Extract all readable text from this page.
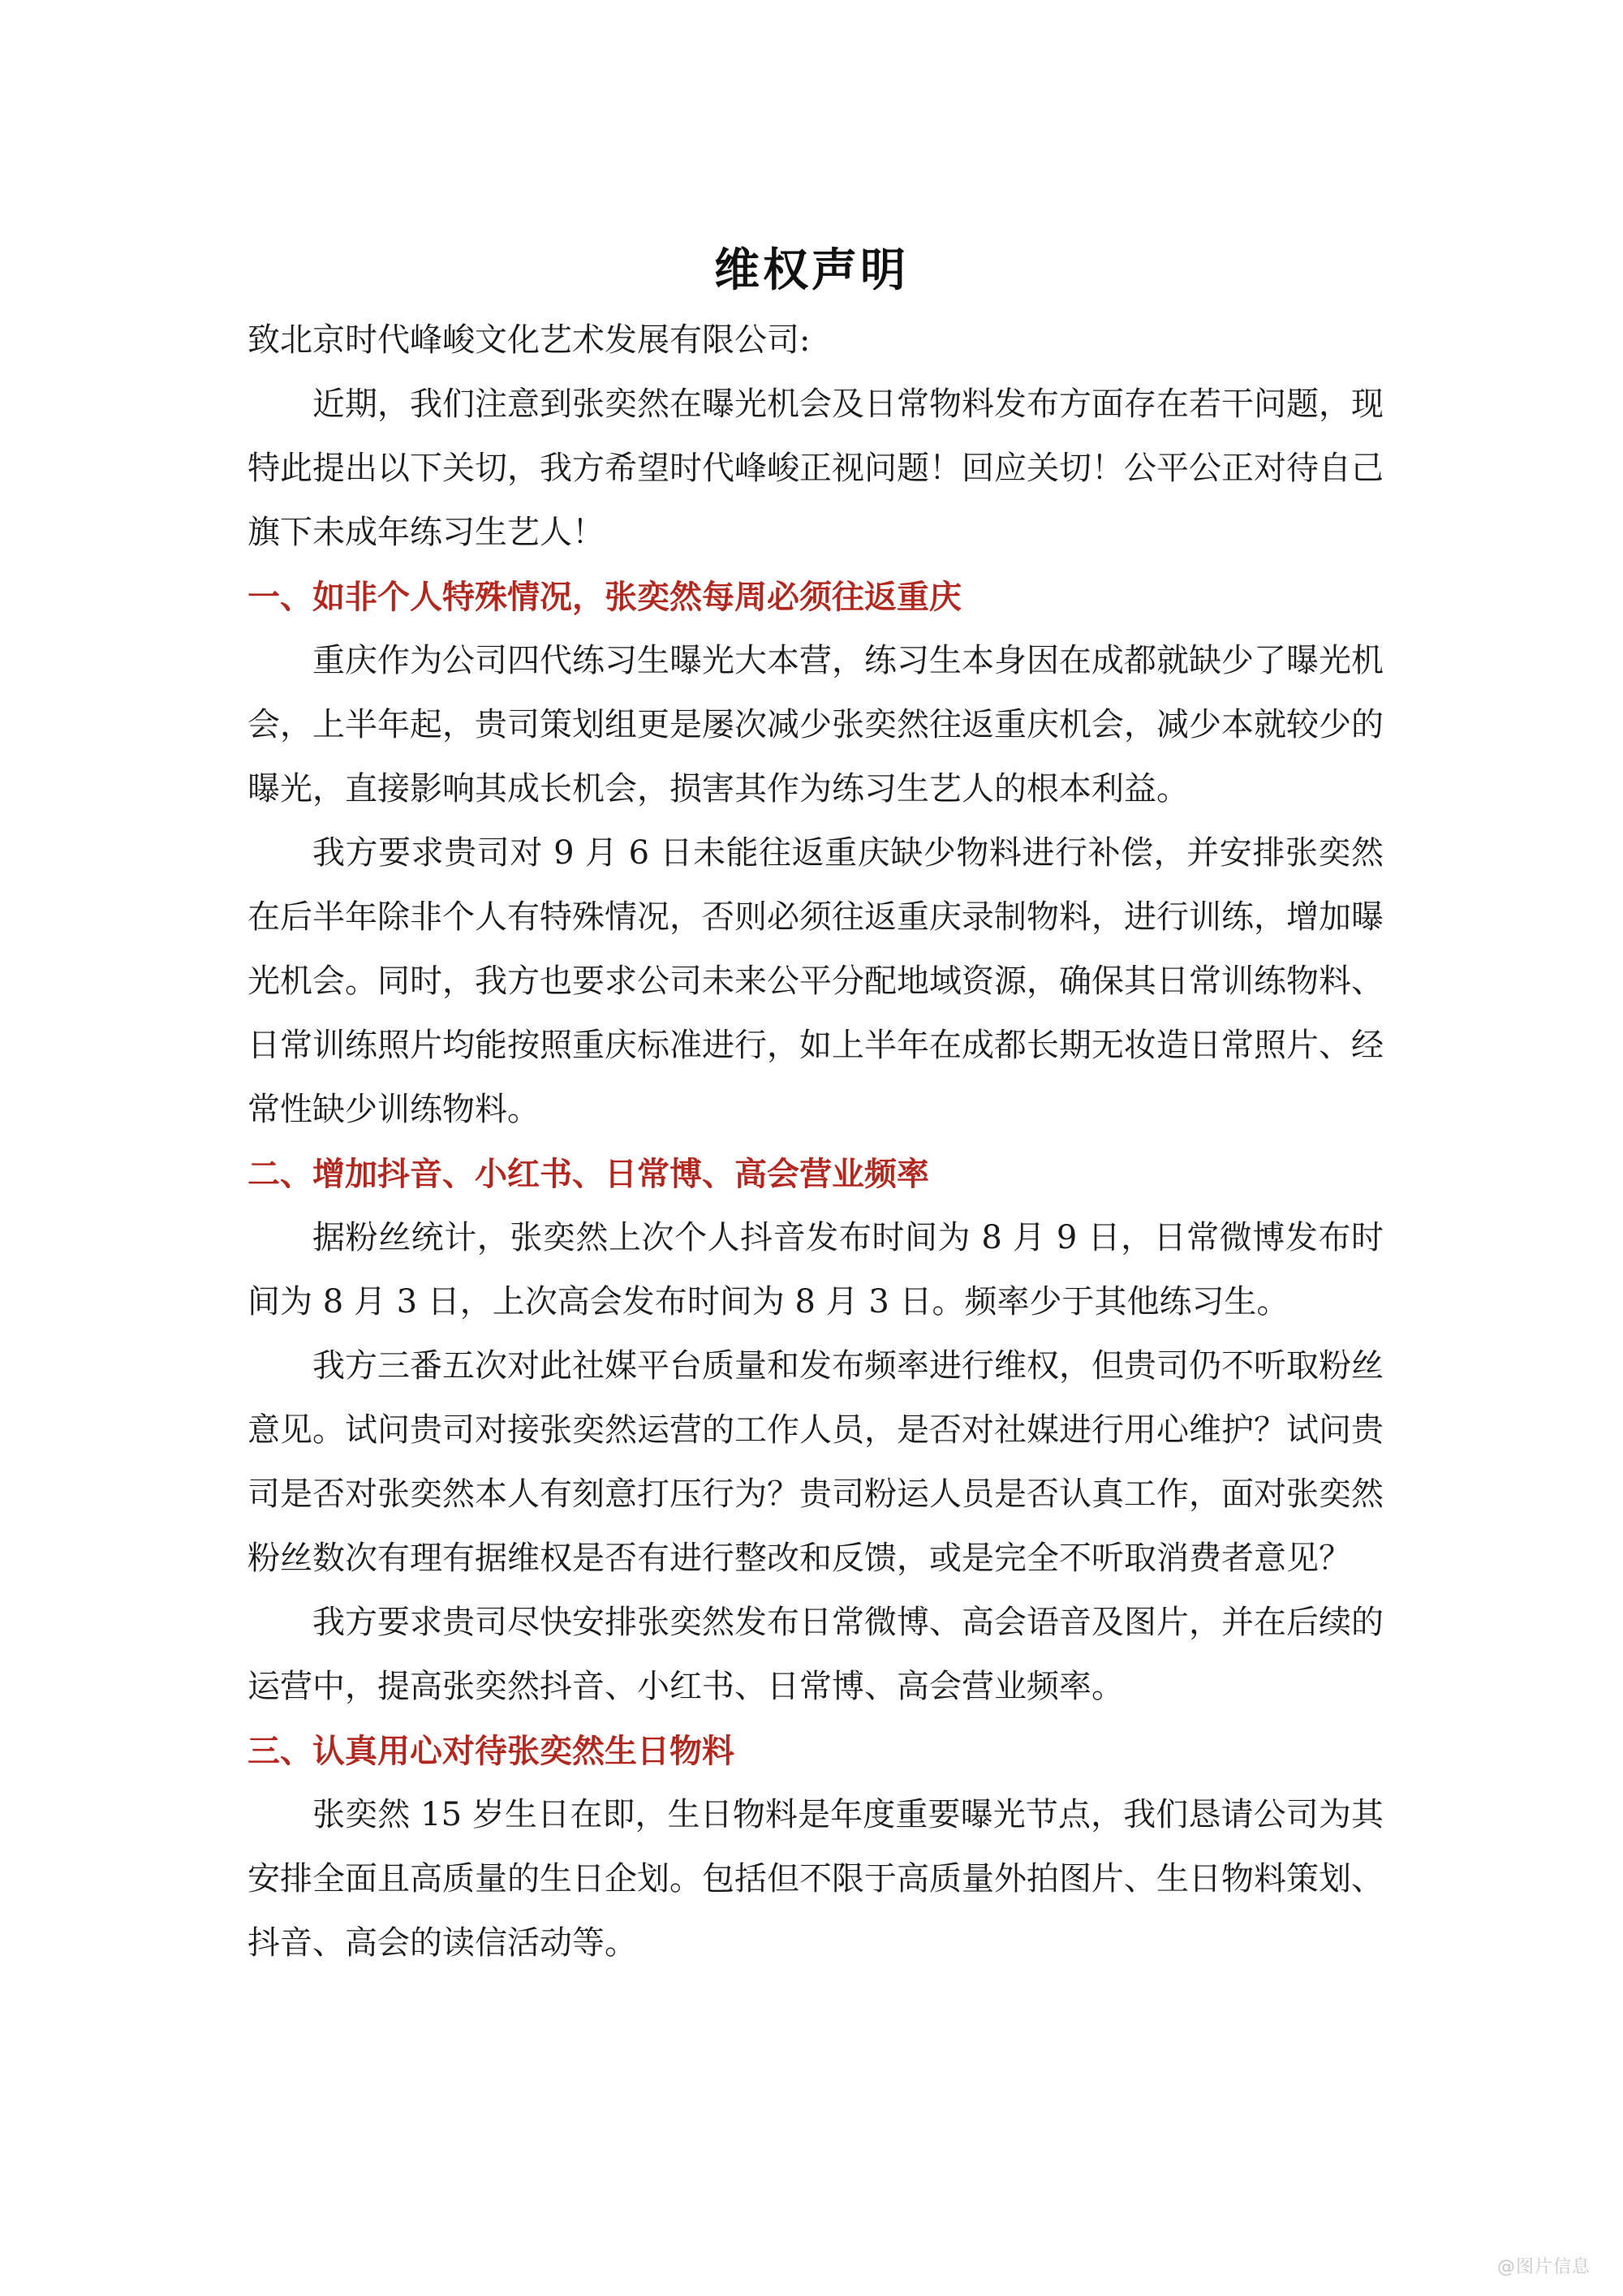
维权声明

致北京时代峰峻文化艺术发展有限公司:

近期，我们注意到张奕然在曝光机会及日常物料发布方面存在若干问题，现特此提出以下关切，我方希望时代峰峻正视问题！回应关切！公平公正对待自己旗下未成年练习生艺人！

一、如非个人特殊情况，张奕然每周必须往返重庆

重庆作为公司四代练习生曝光大本营，练习生本身因在成都就缺少了曝光机会，上半年起，贵司策划组更是屡次减少张奕然往返重庆机会，减少本就较少的曝光，直接影响其成长机会，损害其作为练习生艺人的根本利益。

我方要求贵司对 9 月 6 日未能往返重庆缺少物料进行补偿，并安排张奕然在后半年除非个人有特殊情况，否则必须往返重庆录制物料，进行训练，增加曝光机会。同时，我方也要求公司未来公平分配地域资源，确保其日常训练物料、日常训练照片均能按照重庆标准进行，如上半年在成都长期无妆造日常照片、经常性缺少训练物料。

二、增加抖音、小红书、日常博、高会营业频率

据粉丝统计，张奕然上次个人抖音发布时间为 8 月 9 日，日常微博发布时间为 8 月 3 日，上次高会发布时间为 8 月 3 日。频率少于其他练习生。

我方三番五次对此社媒平台质量和发布频率进行维权，但贵司仍不听取粉丝意见。试问贵司对接张奕然运营的工作人员，是否对社媒进行用心维护？试问贵司是否对张奕然本人有刻意打压行为？贵司粉运人员是否认真工作，面对张奕然粉丝数次有理有据维权是否有进行整改和反馈，或是完全不听取消费者意见？

我方要求贵司尽快安排张奕然发布日常微博、高会语音及图片，并在后续的运营中，提高张奕然抖音、小红书、日常博、高会营业频率。

三、认真用心对待张奕然生日物料

张奕然 15 岁生日在即，生日物料是年度重要曝光节点，我们恳请公司为其安排全面且高质量的生日企划。包括但不限于高质量外拍图片、生日物料策划、抖音、高会的读信活动等。

@图片信息
